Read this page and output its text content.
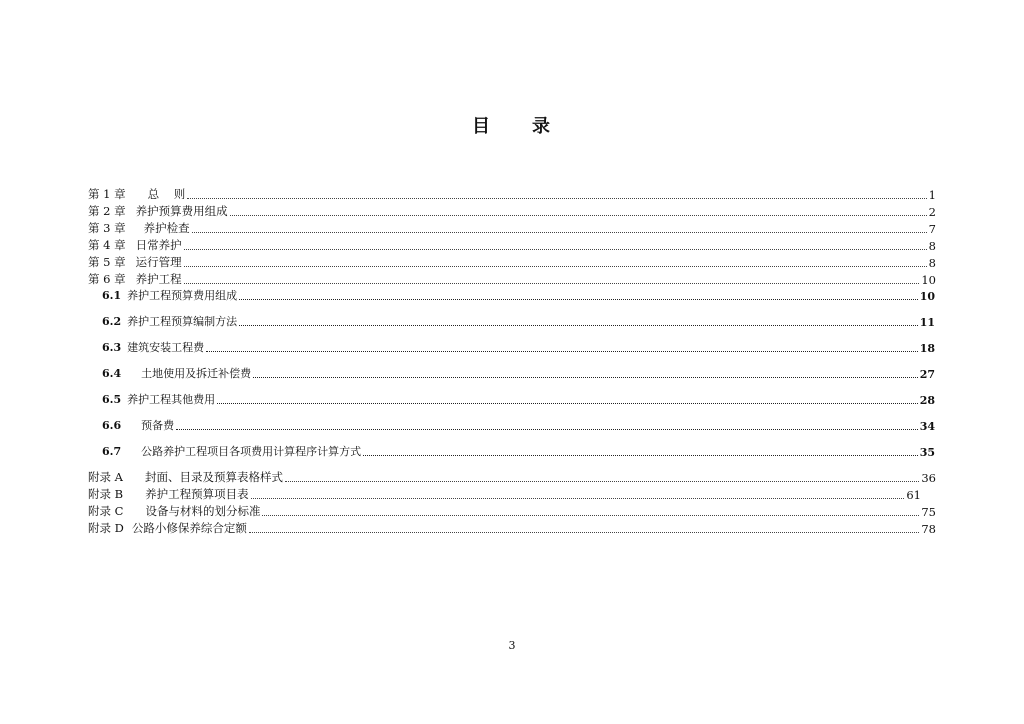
目 录
第 1 章 总    则	1
第 2 章 养护预算费用组成	2
第 3 章 养护检查	7
第 4 章 日常养护	8
第 5 章 运行管理	8
第 6 章 养护工程	10
6.1 养护工程预算费用组成	10
6.2 养护工程预算编制方法	11
6.3 建筑安装工程费	18
6.4 土地使用及拆迁补偿费	27
6.5 养护工程其他费用	28
6.6 预备费	34
6.7 公路养护工程项目各项费用计算程序计算方式	35
附录 A 封面、目录及预算表格样式	36
附录 B 养护工程预算项目表	61
附录 C 设备与材料的划分标准	75
附录 D 公路小修保养综合定额	78
3
